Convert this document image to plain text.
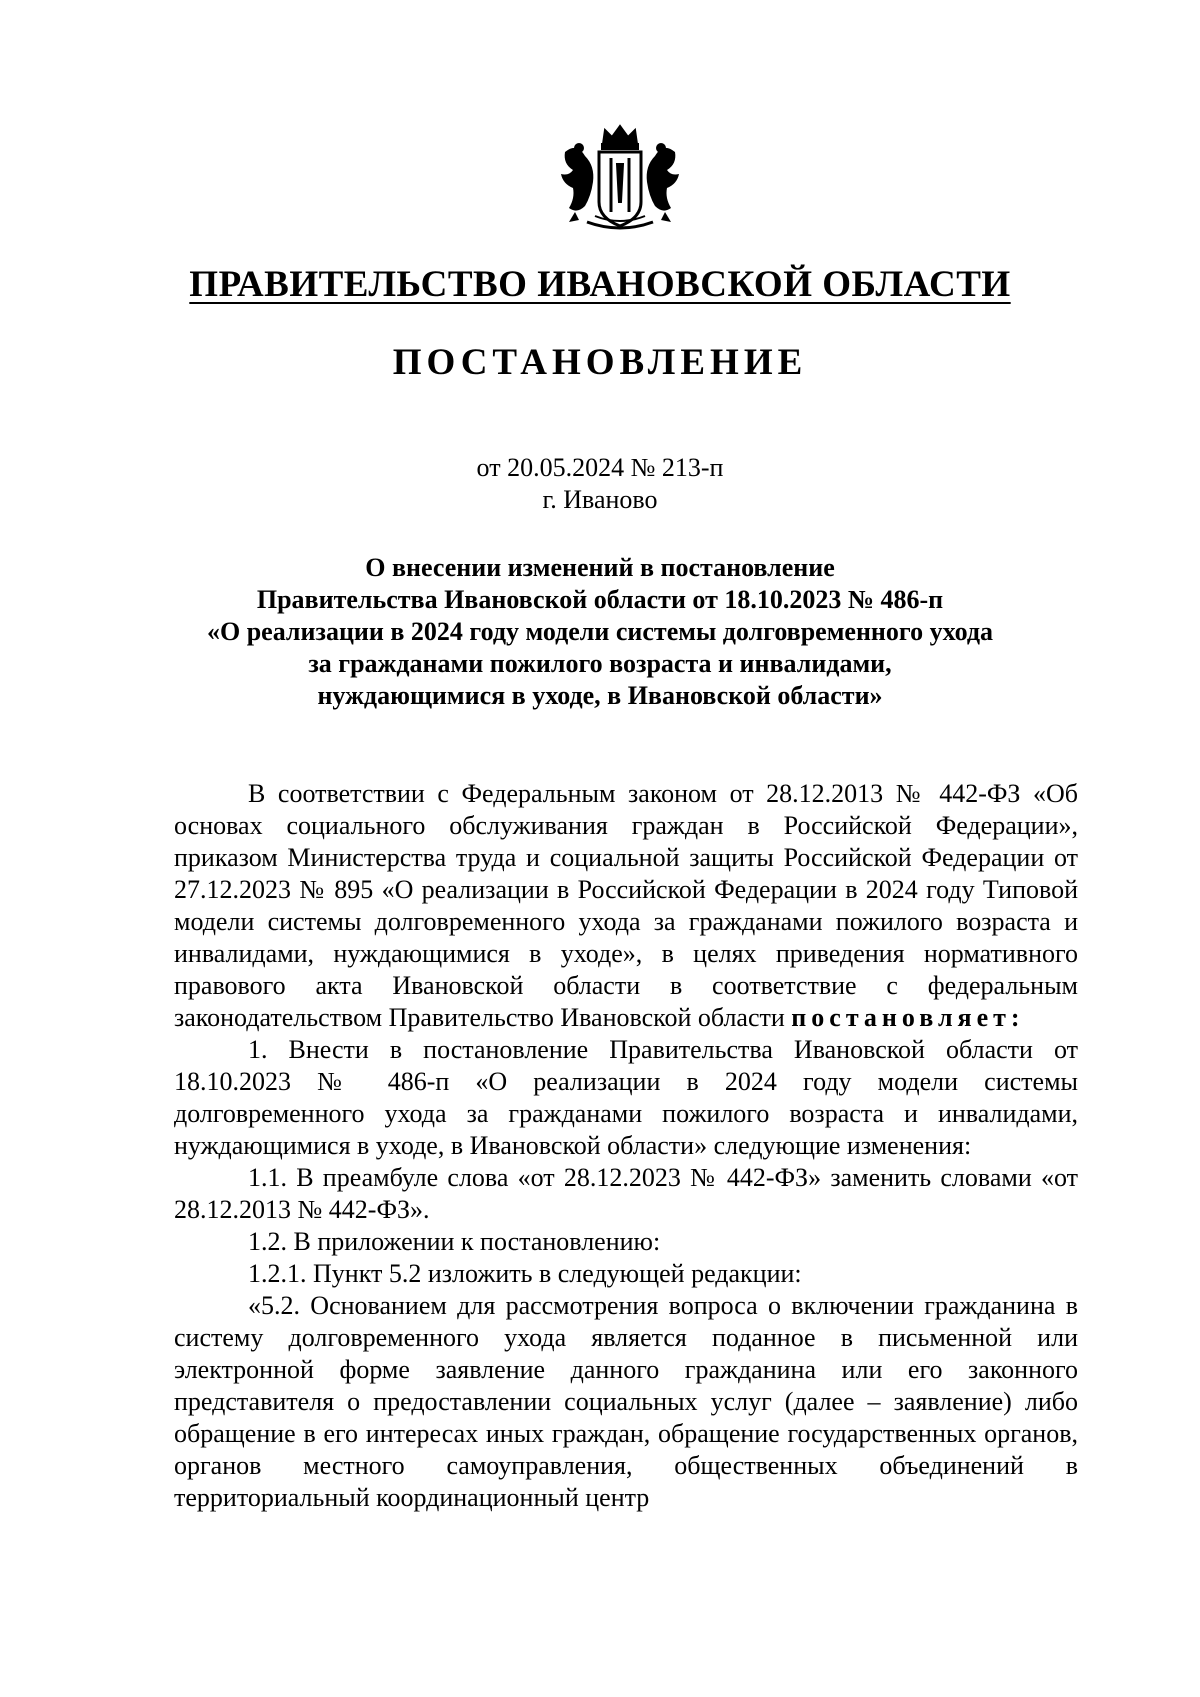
ПРАВИТЕЛЬСТВО ИВАНОВСКОЙ ОБЛАСТИ
ПОСТАНОВЛЕНИЕ
от 20.05.2024 № 213-п
г. Иваново
О внесении изменений в постановление
Правительства Ивановской области от 18.10.2023 № 486-п
«О реализации в 2024 году модели системы долговременного ухода
за гражданами пожилого возраста и инвалидами,
нуждающимися в уходе, в Ивановской области»

В соответствии с Федеральным законом от 28.12.2013 № 442-ФЗ «Об основах социального обслуживания граждан в Российской Федерации», приказом Министерства труда и социальной защиты Российской Федерации от 27.12.2023 № 895 «О реализации в Российской Федерации в 2024 году Типовой модели системы долговременного ухода за гражданами пожилого возраста и инвалидами, нуждающимися в уходе», в целях приведения нормативного правового акта Ивановской области в соответствие с федеральным законодательством Правительство Ивановской области постановляет:

1. Внести в постановление Правительства Ивановской области от 18.10.2023 № 486-п «О реализации в 2024 году модели системы долговременного ухода за гражданами пожилого возраста и инвалидами, нуждающимися в уходе, в Ивановской области» следующие изменения:

1.1. В преамбуле слова «от 28.12.2023 № 442-ФЗ» заменить словами «от 28.12.2013 № 442-ФЗ».

1.2. В приложении к постановлению:

1.2.1. Пункт 5.2 изложить в следующей редакции:

«5.2. Основанием для рассмотрения вопроса о включении гражданина в систему долговременного ухода является поданное в письменной или электронной форме заявление данного гражданина или его законного представителя о предоставлении социальных услуг (далее – заявление) либо обращение в его интересах иных граждан, обращение государственных органов, органов местного самоуправления, общественных объединений в территориальный координационный центр
